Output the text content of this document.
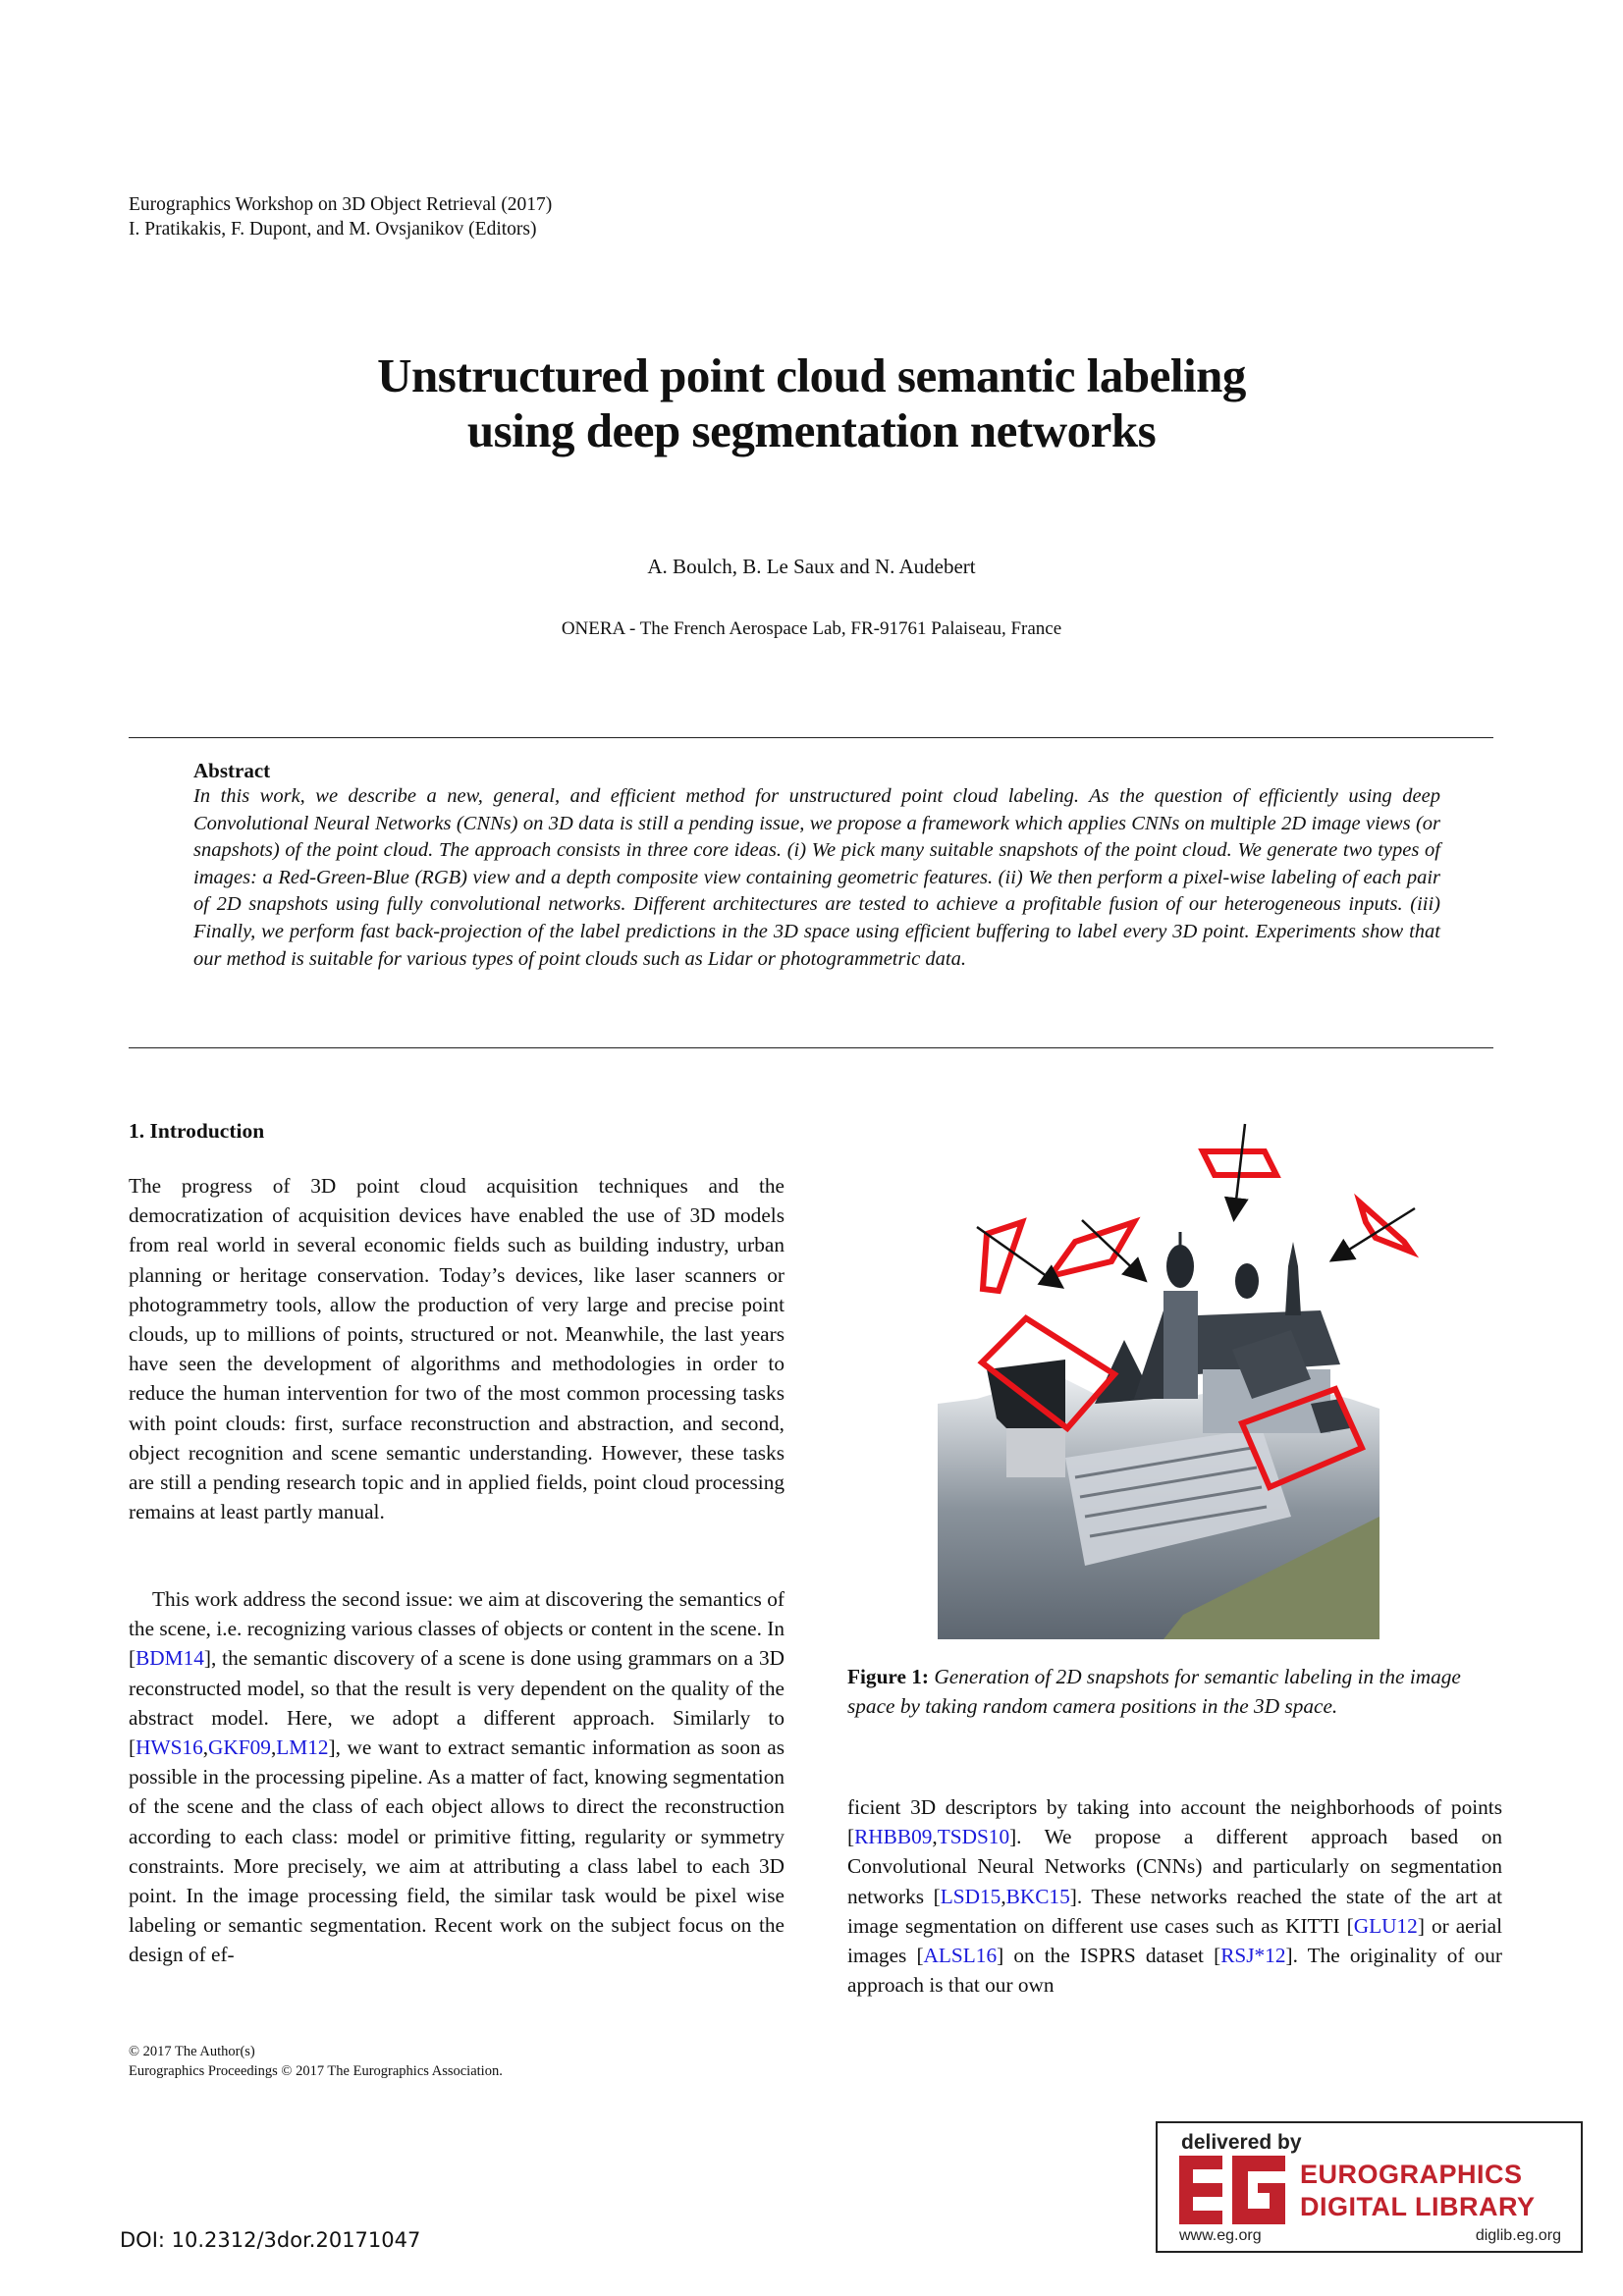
Eurographics Workshop on 3D Object Retrieval (2017)
I. Pratikakis, F. Dupont, and M. Ovsjanikov (Editors)
Unstructured point cloud semantic labeling
using deep segmentation networks
A. Boulch, B. Le Saux and N. Audebert
ONERA - The French Aerospace Lab, FR-91761 Palaiseau, France
Abstract
In this work, we describe a new, general, and efficient method for unstructured point cloud labeling. As the question of efficiently using deep Convolutional Neural Networks (CNNs) on 3D data is still a pending issue, we propose a framework which applies CNNs on multiple 2D image views (or snapshots) of the point cloud. The approach consists in three core ideas. (i) We pick many suitable snapshots of the point cloud. We generate two types of images: a Red-Green-Blue (RGB) view and a depth composite view containing geometric features. (ii) We then perform a pixel-wise labeling of each pair of 2D snapshots using fully convolutional networks. Different architectures are tested to achieve a profitable fusion of our heterogeneous inputs. (iii) Finally, we perform fast back-projection of the label predictions in the 3D space using efficient buffering to label every 3D point. Experiments show that our method is suitable for various types of point clouds such as Lidar or photogrammetric data.
1. Introduction
The progress of 3D point cloud acquisition techniques and the democratization of acquisition devices have enabled the use of 3D models from real world in several economic fields such as building industry, urban planning or heritage conservation. Today’s devices, like laser scanners or photogrammetry tools, allow the production of very large and precise point clouds, up to millions of points, structured or not. Meanwhile, the last years have seen the development of algorithms and methodologies in order to reduce the human intervention for two of the most common processing tasks with point clouds: first, surface reconstruction and abstraction, and second, object recognition and scene semantic understanding. However, these tasks are still a pending research topic and in applied fields, point cloud processing remains at least partly manual.
This work address the second issue: we aim at discovering the semantics of the scene, i.e. recognizing various classes of objects or content in the scene. In [BDM14], the semantic discovery of a scene is done using grammars on a 3D reconstructed model, so that the result is very dependent on the quality of the abstract model. Here, we adopt a different approach. Similarly to [HWS16,GKF09,LM12], we want to extract semantic information as soon as possible in the processing pipeline. As a matter of fact, knowing segmentation of the scene and the class of each object allows to direct the reconstruction according to each class: model or primitive fitting, regularity or symmetry constraints. More precisely, we aim at attributing a class label to each 3D point. In the image processing field, the similar task would be pixel wise labeling or semantic segmentation. Recent work on the subject focus on the design of ef-
Figure 1: Generation of 2D snapshots for semantic labeling in the image space by taking random camera positions in the 3D space.
ficient 3D descriptors by taking into account the neighborhoods of points [RHBB09,TSDS10]. We propose a different approach based on Convolutional Neural Networks (CNNs) and particularly on segmentation networks [LSD15,BKC15]. These networks reached the state of the art at image segmentation on different use cases such as KITTI [GLU12] or aerial images [ALSL16] on the ISPRS dataset [RSJ*12]. The originality of our approach is that our own
© 2017 The Author(s)
Eurographics Proceedings © 2017 The Eurographics Association.
DOI: 10.2312/3dor.20171047
delivered by
EUROGRAPHICS
DIGITAL LIBRARY
www.eg.org	diglib.eg.org
